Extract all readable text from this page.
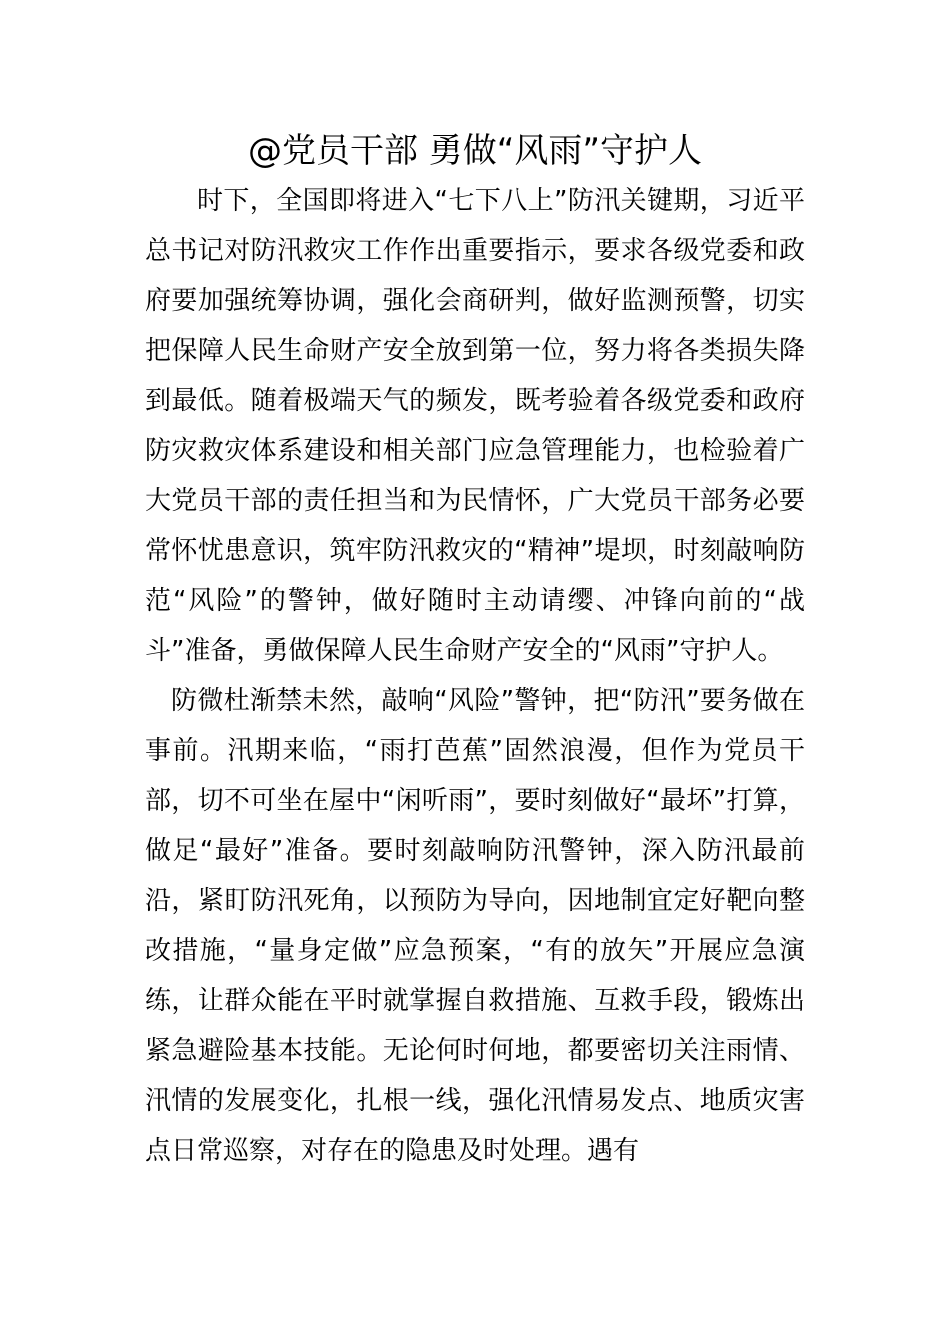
@党员干部 勇做“风雨”守护人

时下，全国即将进入“七下八上”防汛关键期，习近平总书记对防汛救灾工作作出重要指示，要求各级党委和政府要加强统筹协调，强化会商研判，做好监测预警，切实把保障人民生命财产安全放到第一位，努力将各类损失降到最低。随着极端天气的频发，既考验着各级党委和政府防灾救灾体系建设和相关部门应急管理能力，也检验着广大党员干部的责任担当和为民情怀，广大党员干部务必要常怀忧患意识，筑牢防汛救灾的“精神”堤坝，时刻敲响防范“风险”的警钟，做好随时主动请缨、冲锋向前的“战斗”准备，勇做保障人民生命财产安全的“风雨”守护人。

防微杜渐禁未然，敲响“风险”警钟，把“防汛”要务做在事前。汛期来临，“雨打芭蕉”固然浪漫，但作为党员干部，切不可坐在屋中“闲听雨”，要时刻做好“最坏”打算，做足“最好”准备。要时刻敲响防汛警钟，深入防汛最前沿，紧盯防汛死角，以预防为导向，因地制宜定好靶向整改措施，“量身定做”应急预案，“有的放矢”开展应急演练，让群众能在平时就掌握自救措施、互救手段，锻炼出紧急避险基本技能。无论何时何地，都要密切关注雨情、汛情的发展变化，扎根一线，强化汛情易发点、地质灾害点日常巡察，对存在的隐患及时处理。遇有
